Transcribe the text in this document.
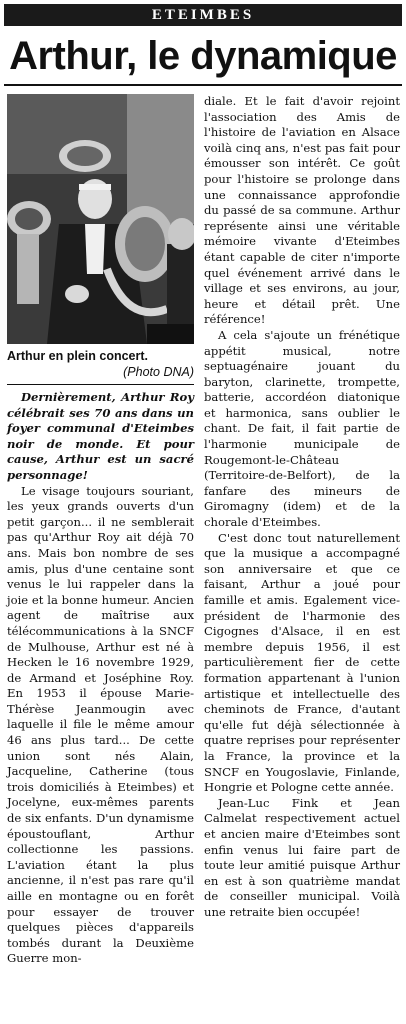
ETEIMBES
Arthur, le dynamique
Arthur en plein concert.
(Photo DNA)

Dernièrement, Arthur Roy célébrait ses 70 ans dans un foyer communal d'Eteimbes noir de monde. Et pour cause, Arthur est un sacré personnage!

Le visage toujours souriant, les yeux grands ouverts d'un petit garçon... il ne semblerait pas qu'Arthur Roy ait déjà 70 ans. Mais bon nombre de ses amis, plus d'une centaine sont venus le lui rappeler dans la joie et la bonne humeur. Ancien agent de maîtrise aux télécommunications à la SNCF de Mulhouse, Arthur est né à Hecken le 16 novembre 1929, de Armand et Joséphine Roy. En 1953 il épouse Marie-Thérèse Jeanmougin avec laquelle il file le même amour 46 ans plus tard... De cette union sont nés Alain, Jacqueline, Catherine (tous trois domiciliés à Eteimbes) et Jocelyne, eux-mêmes parents de six enfants. D'un dynamisme époustouflant, Arthur collectionne les passions. L'aviation étant la plus ancienne, il n'est pas rare qu'il aille en montagne ou en forêt pour essayer de trouver quelques pièces d'appareils tombés durant la Deuxième Guerre mon-

diale. Et le fait d'avoir rejoint l'association des Amis de l'histoire de l'aviation en Alsace voilà cinq ans, n'est pas fait pour émousser son intérêt. Ce goût pour l'histoire se prolonge dans une connaissance approfondie du passé de sa commune. Arthur représente ainsi une véritable mémoire vivante d'Eteimbes étant capable de citer n'importe quel événement arrivé dans le village et ses environs, au jour, heure et détail prêt. Une référence!

A cela s'ajoute un frénétique appétit musical, notre septuagénaire jouant du baryton, clarinette, trompette, batterie, accordéon diatonique et harmonica, sans oublier le chant. De fait, il fait partie de l'harmonie municipale de Rougemont-le-Château (Territoire-de-Belfort), de la fanfare des mineurs de Giromagny (idem) et de la chorale d'Eteimbes.

C'est donc tout naturellement que la musique a accompagné son anniversaire et que ce faisant, Arthur a joué pour famille et amis. Egalement vice-président de l'harmonie des Cigognes d'Alsace, il en est membre depuis 1956, il est particulièrement fier de cette formation appartenant à l'union artistique et intellectuelle des cheminots de France, d'autant qu'elle fut déjà sélectionnée à quatre reprises pour représenter la France, la province et la SNCF en Yougoslavie, Finlande, Hongrie et Pologne cette année.

Jean-Luc Fink et Jean Calmelat respectivement actuel et ancien maire d'Eteimbes sont enfin venus lui faire part de toute leur amitié puisque Arthur en est à son quatrième mandat de conseiller municipal. Voilà une retraite bien occupée!
